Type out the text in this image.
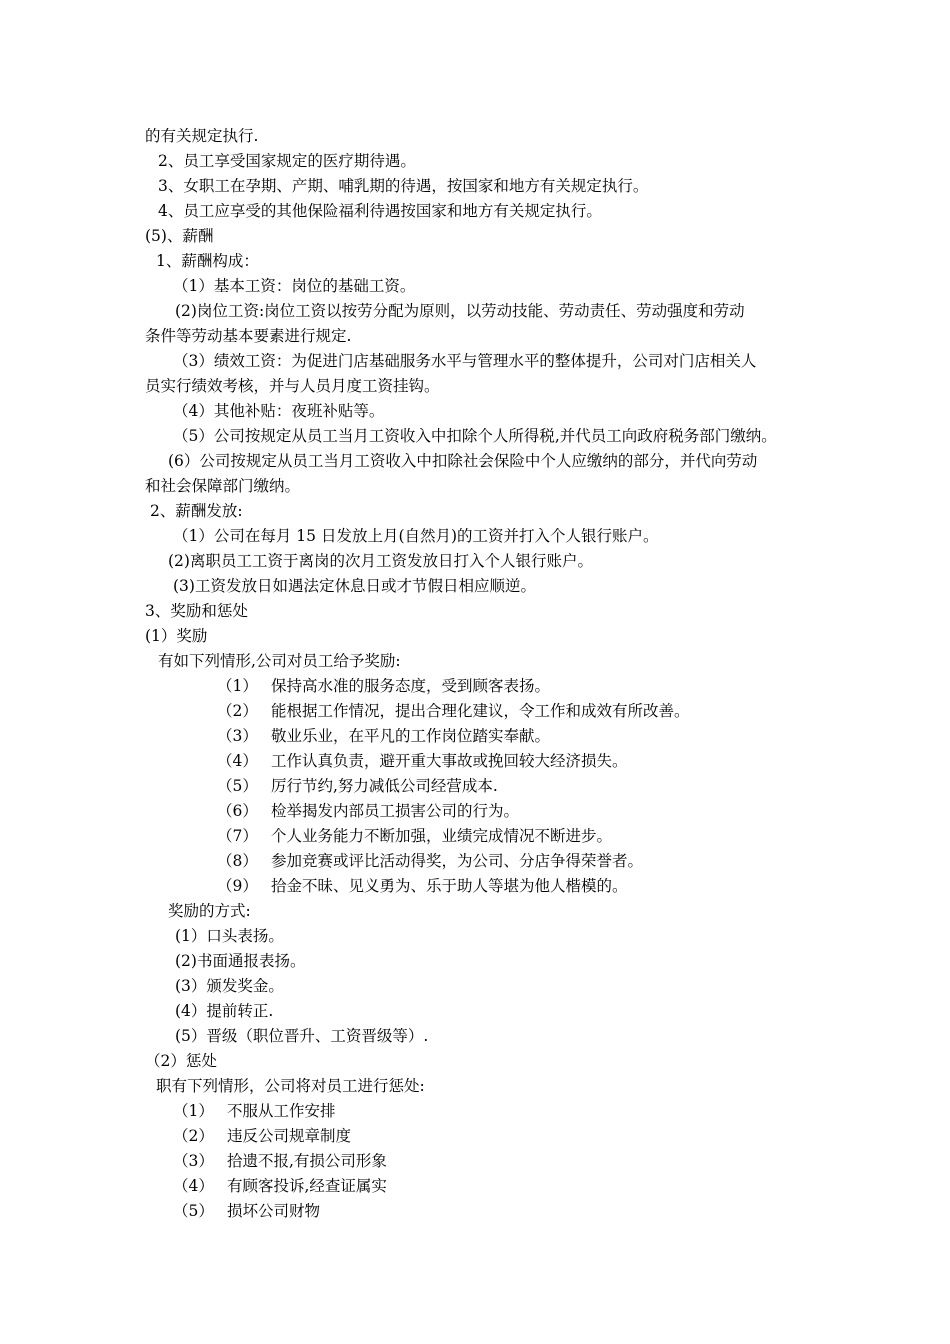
的有关规定执行.
2、员工享受国家规定的医疗期待遇。
3、女职工在孕期、产期、哺乳期的待遇，按国家和地方有关规定执行。
4、员工应享受的其他保险福利待遇按国家和地方有关规定执行。
(5)、薪酬
1、薪酬构成：
（1）基本工资：岗位的基础工资。
(2)岗位工资:岗位工资以按劳分配为原则，以劳动技能、劳动责任、劳动强度和劳动
条件等劳动基本要素进行规定.
（3）绩效工资：为促进门店基础服务水平与管理水平的整体提升，公司对门店相关人
员实行绩效考核，并与人员月度工资挂钩。
（4）其他补贴：夜班补贴等。
（5）公司按规定从员工当月工资收入中扣除个人所得税,并代员工向政府税务部门缴纳。
(6）公司按规定从员工当月工资收入中扣除社会保险中个人应缴纳的部分，并代向劳动
和社会保障部门缴纳。
2、薪酬发放:
（1）公司在每月 15 日发放上月(自然月)的工资并打入个人银行账户。
(2)离职员工工资于离岗的次月工资发放日打入个人银行账户。
(3)工资发放日如遇法定休息日或才节假日相应顺逆。
3、奖励和惩处
(1）奖励
有如下列情形,公司对员工给予奖励:
（1） 保持高水准的服务态度，受到顾客表扬。
（2） 能根据工作情况，提出合理化建议，令工作和成效有所改善。
（3） 敬业乐业，在平凡的工作岗位踏实奉献。
（4） 工作认真负责，避开重大事故或挽回较大经济损失。
（5） 厉行节约,努力减低公司经营成本.
（6） 检举揭发内部员工损害公司的行为。
（7） 个人业务能力不断加强，业绩完成情况不断进步。
（8） 参加竞赛或评比活动得奖，为公司、分店争得荣誉者。
（9） 拾金不昧、见义勇为、乐于助人等堪为他人楷模的。
奖励的方式:
(1）口头表扬。
(2)书面通报表扬。
(3）颁发奖金。
(4）提前转正.
(5）晋级（职位晋升、工资晋级等）.
（2）惩处
职有下列情形，公司将对员工进行惩处:
（1） 不服从工作安排
（2） 违反公司规章制度
（3） 拾遗不报,有损公司形象
（4） 有顾客投诉,经查证属实
（5） 损坏公司财物
